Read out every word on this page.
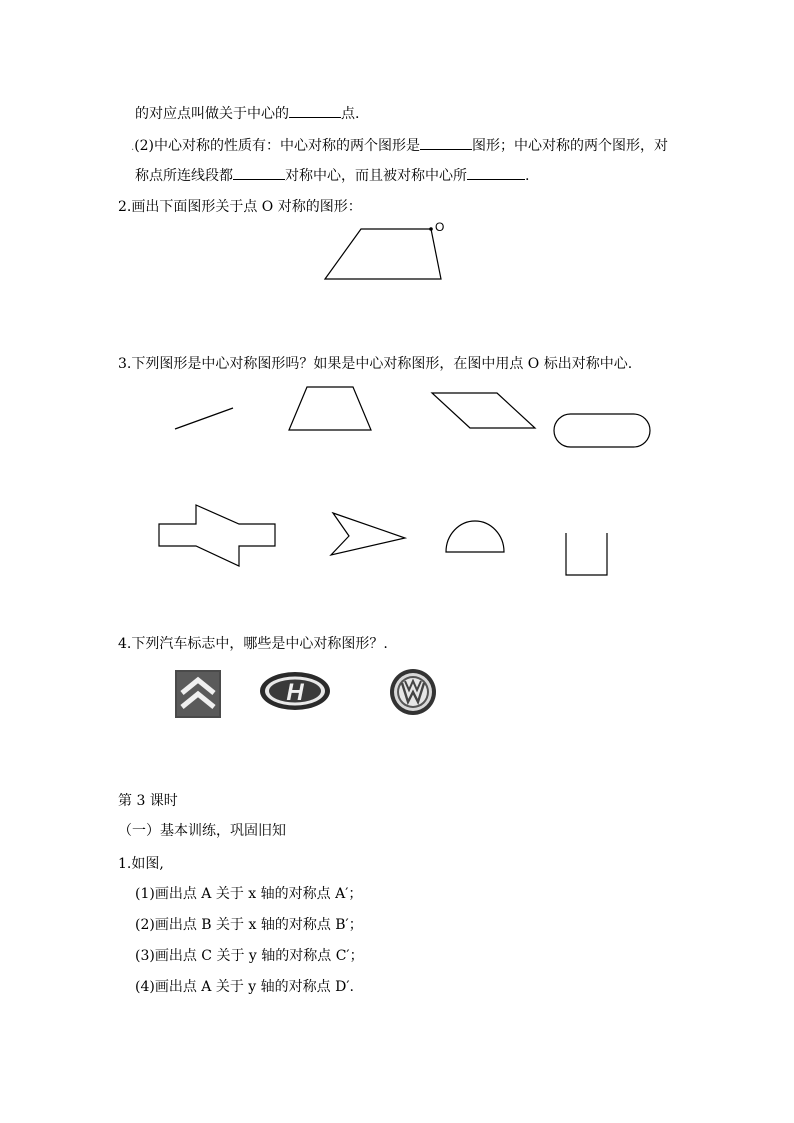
的对应点叫做关于中心的	点.
.(2)中心对称的性质有：中心对称的两个图形是	图形；中心对称的两个图形，对
称点所连线段都	对称中心，而且被对称中心所	.
2.画出下面图形关于点 O 对称的图形：
O
H
3.下列图形是中心对称图形吗？如果是中心对称图形，在图中用点 O 标出对称中心.
4.下列汽车标志中，哪些是中心对称图形？.
第 3 课时
（一）基本训练，巩固旧知
1.如图,
(1)画出点 A 关于 x 轴的对称点 A′；
(2)画出点 B 关于 x 轴的对称点 B′；
(3)画出点 C 关于 y 轴的对称点 C′；
(4)画出点 A 关于 y 轴的对称点 D′.
